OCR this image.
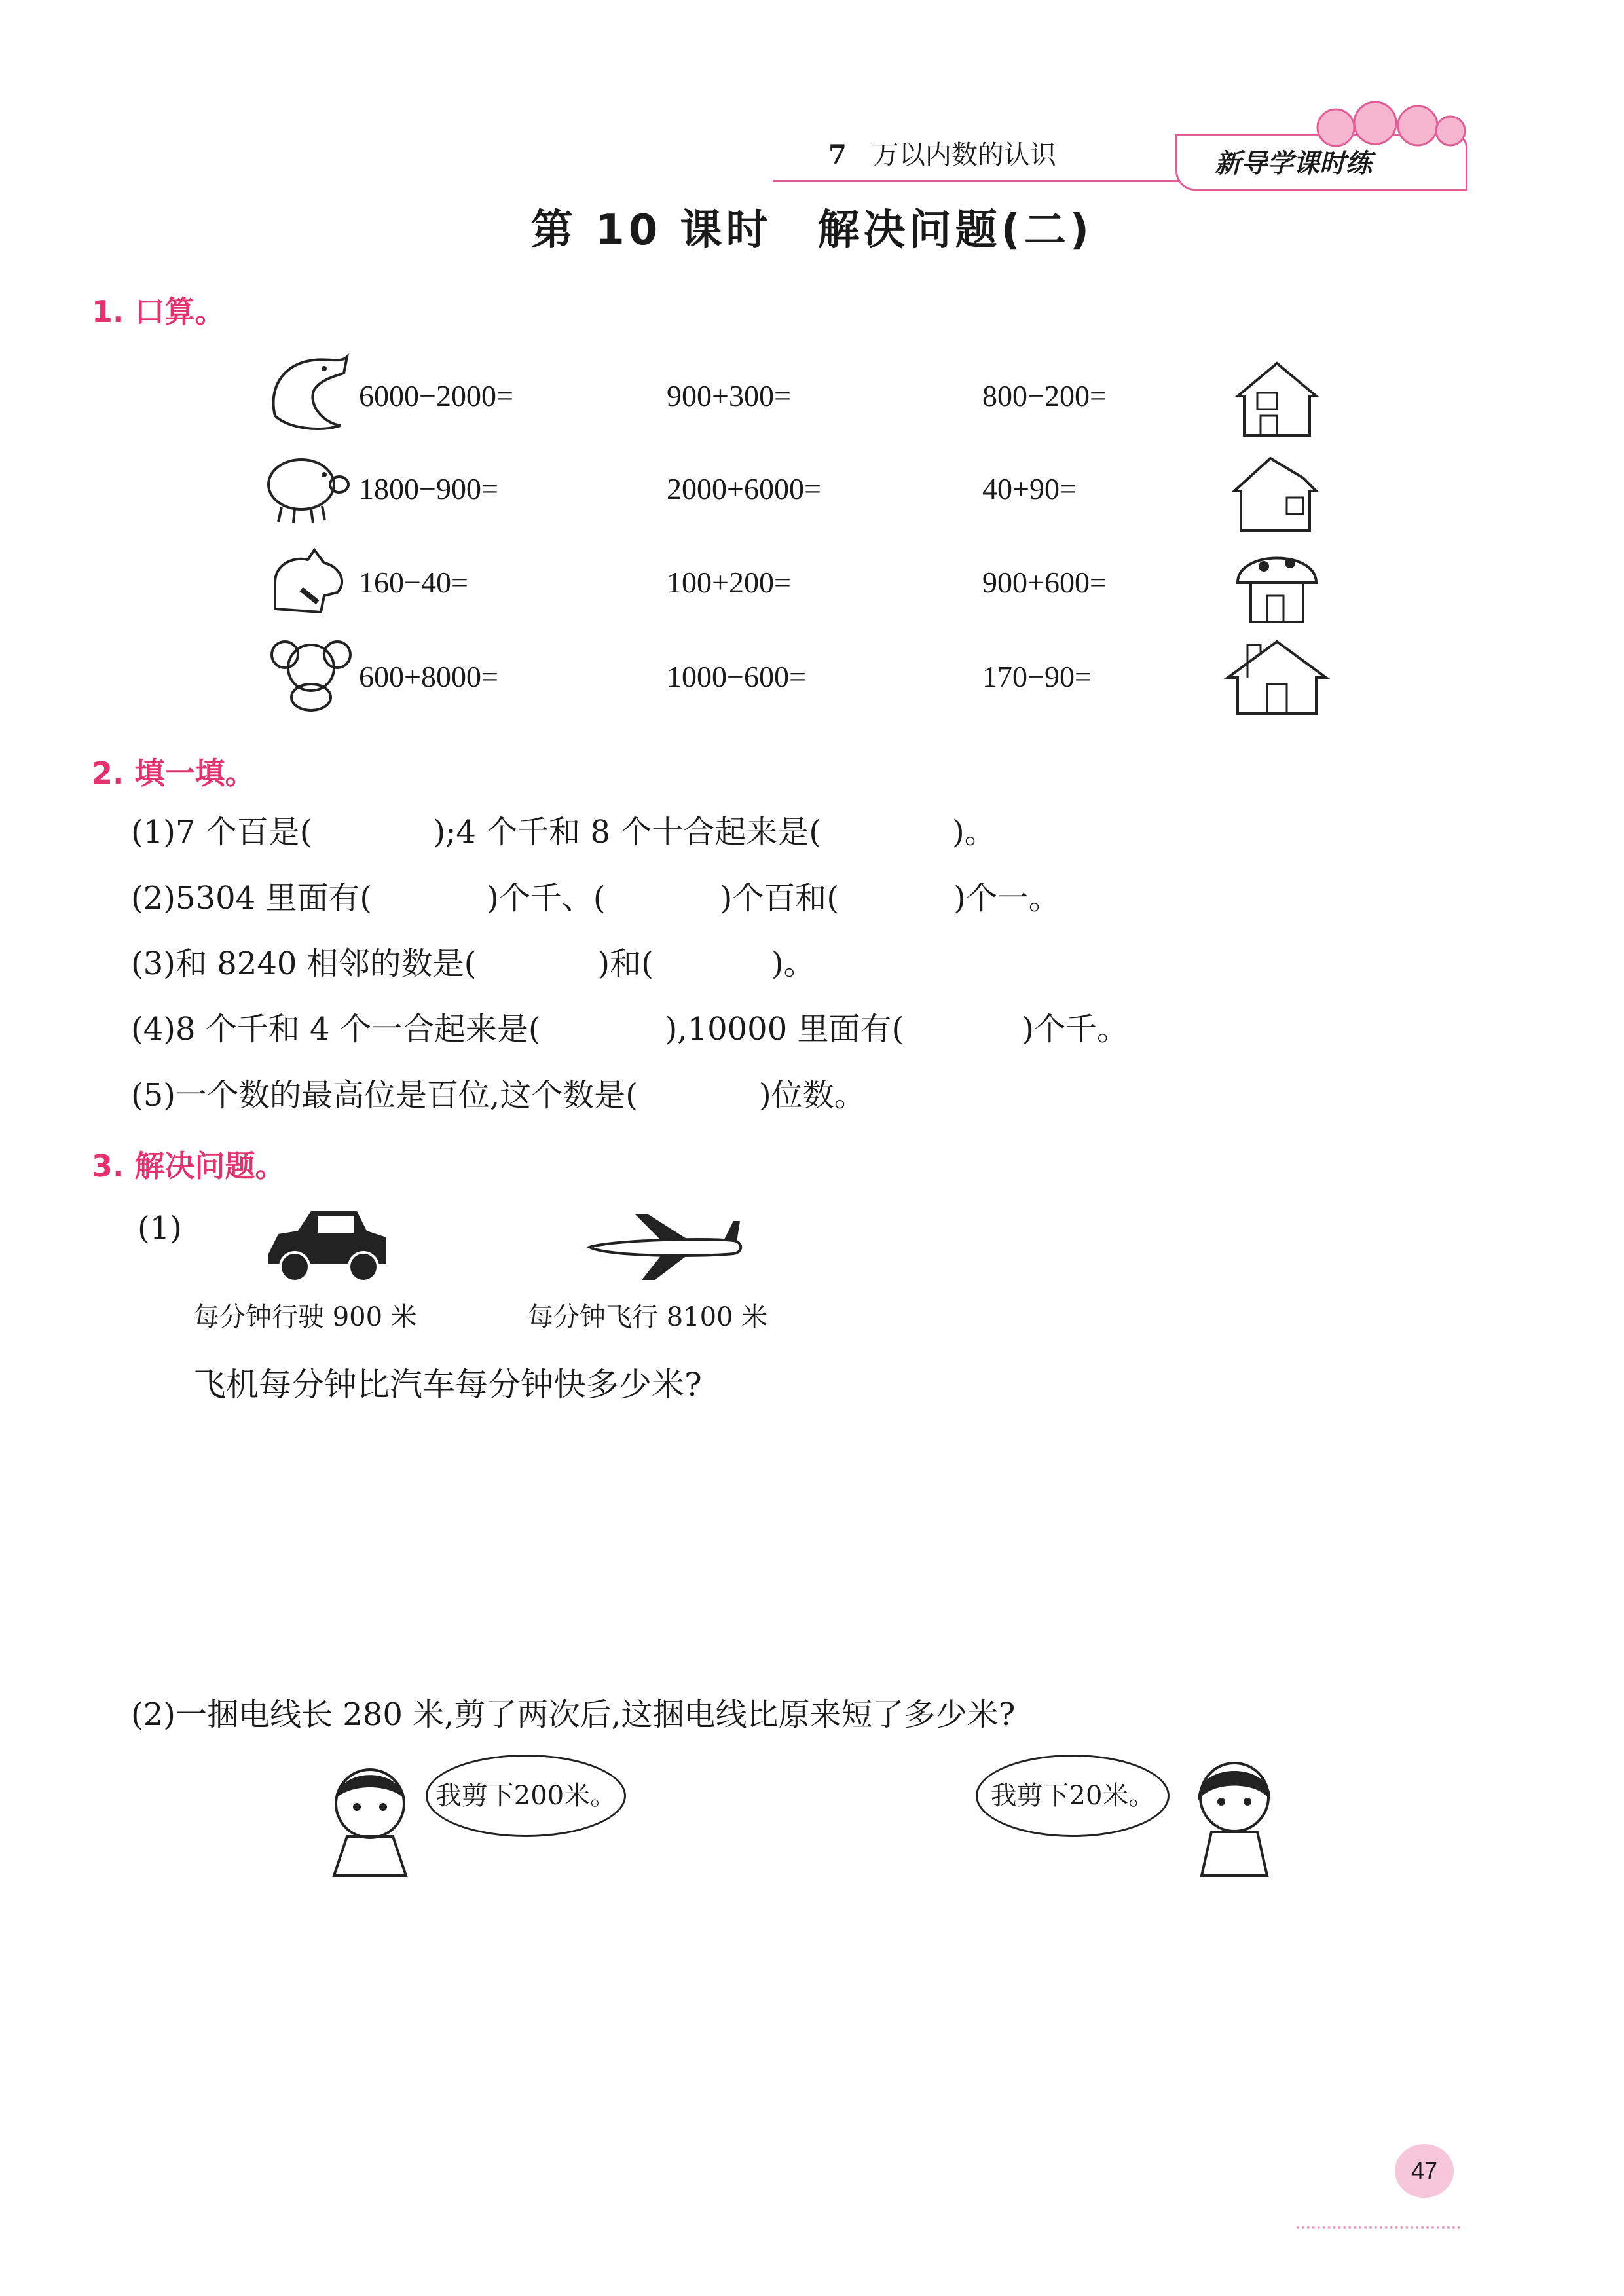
7 万以内数的认识	新导学课时练
第 10 课时　解决问题(二)
1. 口算。
6000−2000=	900+300=	800−200=
1800−900=	2000+6000=	40+90=
160−40=	100+200=	900+600=
600+8000=	1000−600=	170−90=
2. 填一填。
(1)7 个百是(	);4 个千和 8 个十合起来是(	)。
(2)5304 里面有(	)个千、(	)个百和(	)个一。
(3)和 8240 相邻的数是(	)和(	)。
(4)8 个千和 4 个一合起来是(	),10000 里面有(	)个千。
(5)一个数的最高位是百位,这个数是(	)位数。
3. 解决问题。
(1)
每分钟行驶 900 米	每分钟飞行 8100 米
飞机每分钟比汽车每分钟快多少米?
(2)一捆电线长 280 米,剪了两次后,这捆电线比原来短了多少米?
我剪下200米。	我剪下20米。
47
